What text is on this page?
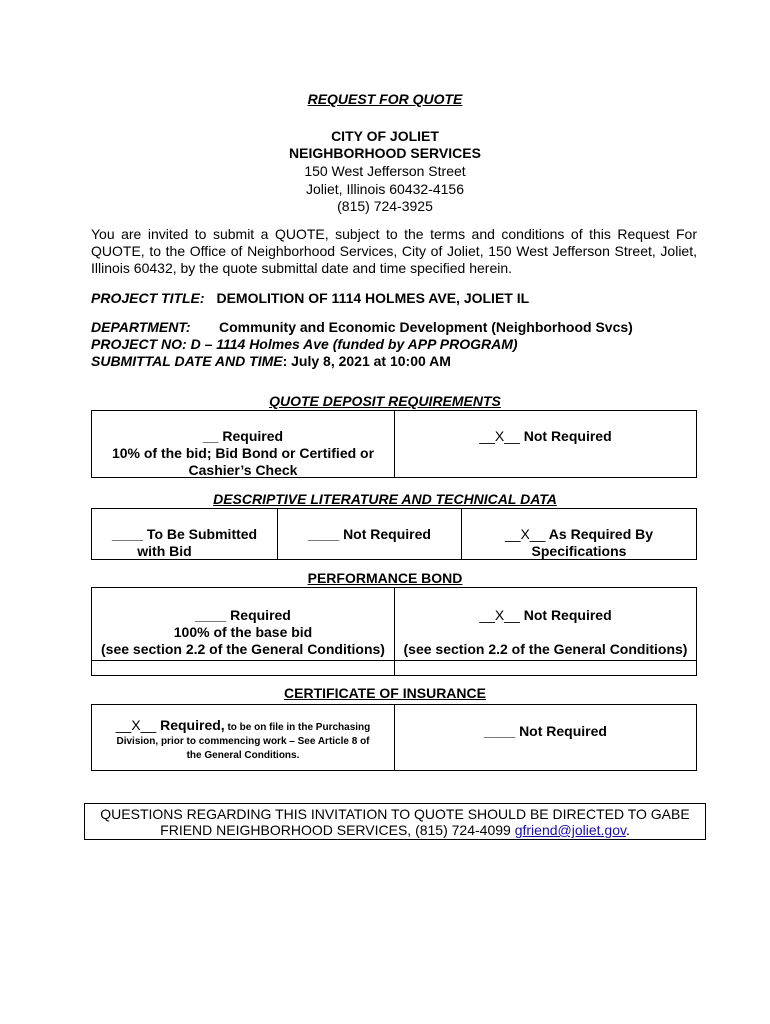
REQUEST FOR QUOTE
CITY OF JOLIET
NEIGHBORHOOD SERVICES
150 West Jefferson Street
Joliet, Illinois 60432-4156
(815) 724-3925
You are invited to submit a QUOTE, subject to the terms and conditions of this Request For
QUOTE, to the Office of Neighborhood Services, City of Joliet, 150 West Jefferson Street, Joliet,
Illinois 60432, by the quote submittal date and time specified herein.
PROJECT TITLE: DEMOLITION OF 1114 HOLMES AVE, JOLIET IL
DEPARTMENT: Community and Economic Development (Neighborhood Svcs)
PROJECT NO: D – 1114 Holmes Ave (funded by APP PROGRAM)
SUBMITTAL DATE AND TIME: July 8, 2021 at 10:00 AM
QUOTE DEPOSIT REQUIREMENTS
__ Required
10% of the bid; Bid Bond or Certified or
Cashier’s Check
__X__ Not Required
DESCRIPTIVE LITERATURE AND TECHNICAL DATA
____ To Be Submitted
with Bid
____ Not Required	__X__ As Required By
Specifications
PERFORMANCE BOND
____ Required
100% of the base bid
(see section 2.2 of the General Conditions)
__X__ Not Required

(see section 2.2 of the General Conditions)
CERTIFICATE OF INSURANCE
__X__ Required, to be on file in the Purchasing
Division, prior to commencing work – See Article 8 of
the General Conditions.
____ Not Required
QUESTIONS REGARDING THIS INVITATION TO QUOTE SHOULD BE DIRECTED TO GABE
FRIEND NEIGHBORHOOD SERVICES, (815) 724-4099 gfriend@joliet.gov.
